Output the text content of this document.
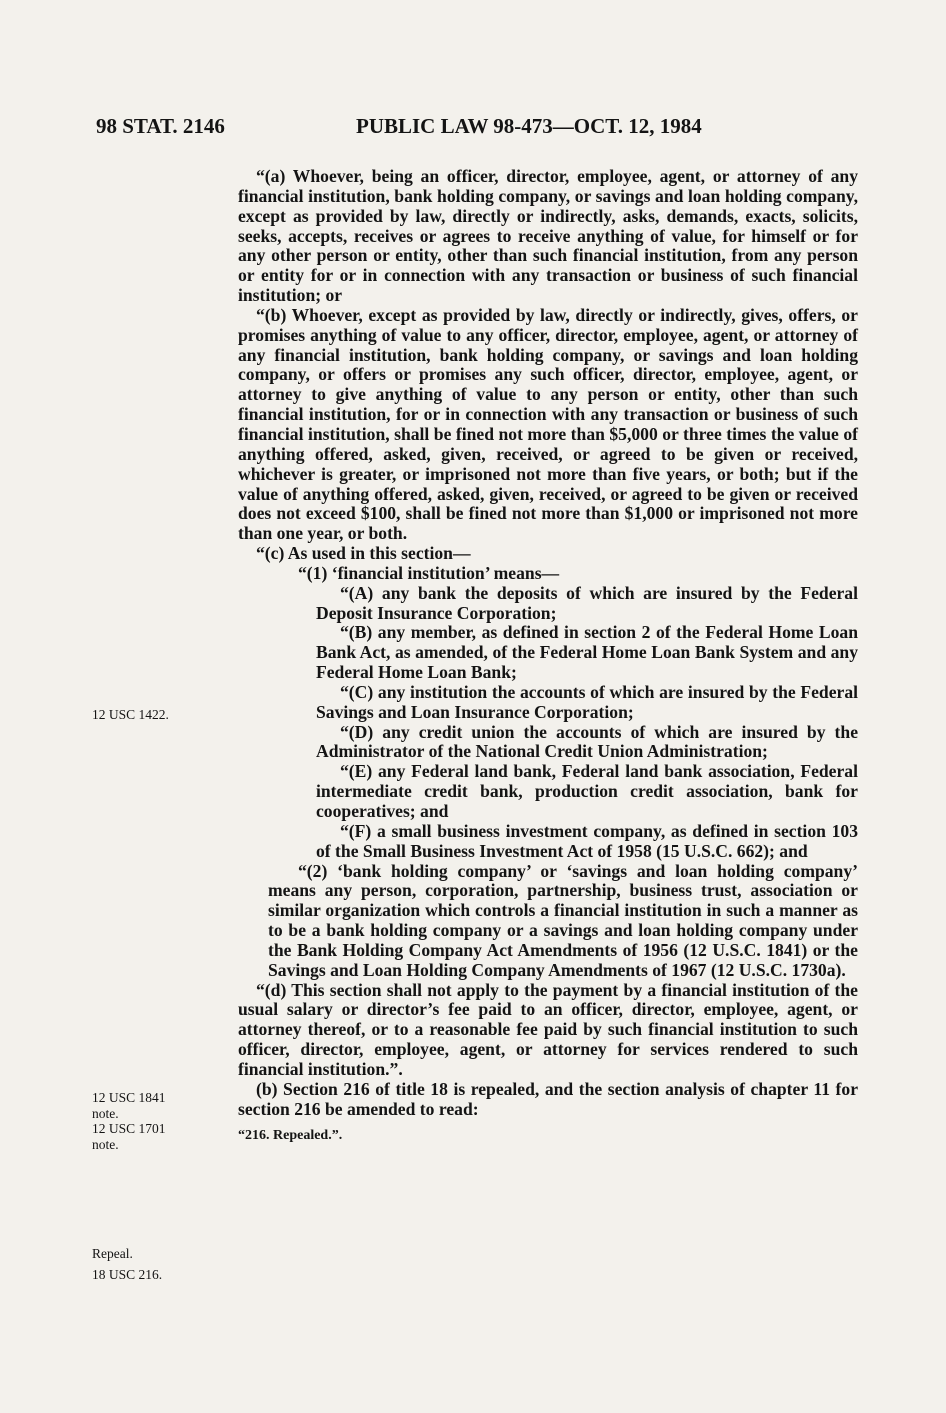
98 STAT. 2146	PUBLIC LAW 98-473—OCT. 12, 1984

“(a) Whoever, being an officer, director, employee, agent, or attorney of any financial institution, bank holding company, or savings and loan holding company, except as provided by law, directly or indirectly, asks, demands, exacts, solicits, seeks, accepts, receives or agrees to receive anything of value, for himself or for any other person or entity, other than such financial institution, from any person or entity for or in connection with any transaction or business of such financial institution; or

“(b) Whoever, except as provided by law, directly or indirectly, gives, offers, or promises anything of value to any officer, director, employee, agent, or attorney of any financial institution, bank holding company, or savings and loan holding company, or offers or promises any such officer, director, employee, agent, or attorney to give anything of value to any person or entity, other than such financial institution, for or in connection with any transaction or business of such financial institution, shall be fined not more than $5,000 or three times the value of anything offered, asked, given, received, or agreed to be given or received, whichever is greater, or imprisoned not more than five years, or both; but if the value of anything offered, asked, given, received, or agreed to be given or received does not exceed $100, shall be fined not more than $1,000 or imprisoned not more than one year, or both.

“(c) As used in this section—

“(1) ‘financial institution’ means—

“(A) any bank the deposits of which are insured by the Federal Deposit Insurance Corporation;

“(B) any member, as defined in section 2 of the Federal Home Loan Bank Act, as amended, of the Federal Home Loan Bank System and any Federal Home Loan Bank;

“(C) any institution the accounts of which are insured by the Federal Savings and Loan Insurance Corporation;

“(D) any credit union the accounts of which are insured by the Administrator of the National Credit Union Administration;

“(E) any Federal land bank, Federal land bank association, Federal intermediate credit bank, production credit association, bank for cooperatives; and

“(F) a small business investment company, as defined in section 103 of the Small Business Investment Act of 1958 (15 U.S.C. 662); and

“(2) ‘bank holding company’ or ‘savings and loan holding company’ means any person, corporation, partnership, business trust, association or similar organization which controls a financial institution in such a manner as to be a bank holding company or a savings and loan holding company under the Bank Holding Company Act Amendments of 1956 (12 U.S.C. 1841) or the Savings and Loan Holding Company Amendments of 1967 (12 U.S.C. 1730a).

“(d) This section shall not apply to the payment by a financial institution of the usual salary or director’s fee paid to an officer, director, employee, agent, or attorney thereof, or to a reasonable fee paid by such financial institution to such officer, director, employee, agent, or attorney for services rendered to such financial institution.”.

(b) Section 216 of title 18 is repealed, and the section analysis of chapter 11 for section 216 be amended to read:

“216. Repealed.”.

12 USC 1422.
12 USC 1841
note.
12 USC 1701
note.
Repeal.
18 USC 216.
